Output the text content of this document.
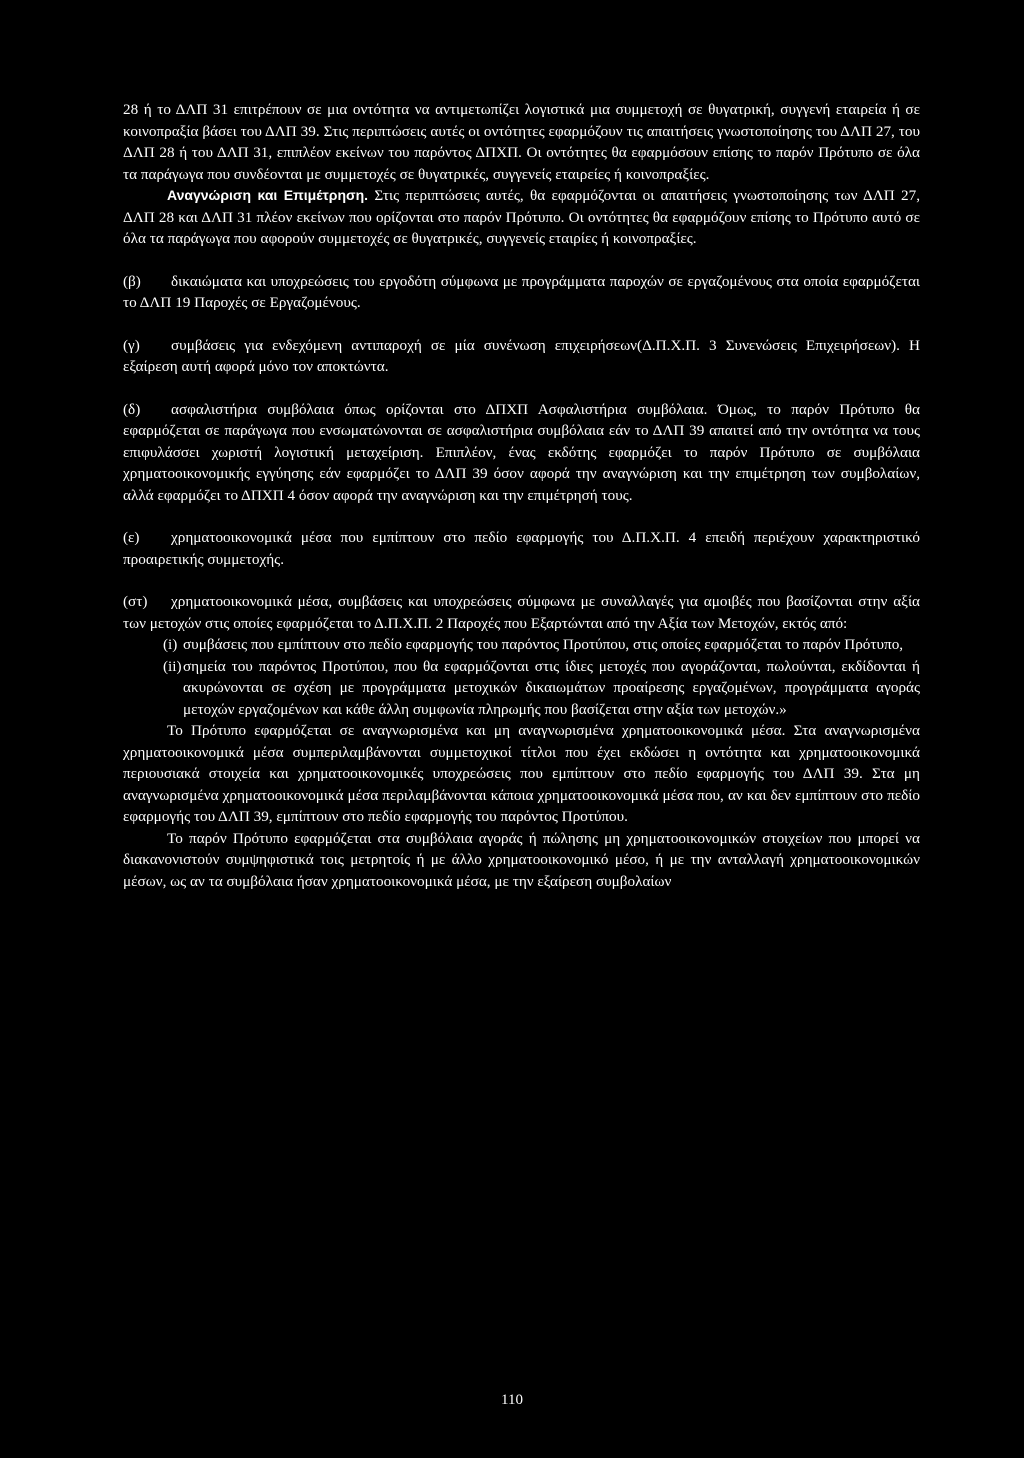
28 ή το ΔΛΠ 31 επιτρέπουν σε μια οντότητα να αντιμετωπίζει λογιστικά μια συμμετοχή σε θυγατρική, συγγενή εταιρεία ή σε κοινοπραξία βάσει του ΔΛΠ 39. Στις περιπτώσεις αυτές οι οντότητες εφαρμόζουν τις απαιτήσεις γνωστοποίησης του ΔΛΠ 27, του ΔΛΠ 28 ή του ΔΛΠ 31, επιπλέον εκείνων του παρόντος ΔΠΧΠ. Οι οντότητες θα εφαρμόσουν επίσης το παρόν Πρότυπο σε όλα τα παράγωγα που συνδέονται με συμμετοχές σε θυγατρικές, συγγενείς εταιρείες ή κοινοπραξίες.

Αναγνώριση και Επιμέτρηση. Στις περιπτώσεις αυτές, θα εφαρμόζονται οι απαιτήσεις γνωστοποίησης των ΔΛΠ 27, ΔΛΠ 28 και ΔΛΠ 31 πλέον εκείνων που ορίζονται στο παρόν Πρότυπο. Οι οντότητες θα εφαρμόζουν επίσης το Πρότυπο αυτό σε όλα τα παράγωγα που αφορούν συμμετοχές σε θυγατρικές, συγγενείς εταιρίες ή κοινοπραξίες.

(β) δικαιώματα και υποχρεώσεις του εργοδότη σύμφωνα με προγράμματα παροχών σε εργαζομένους στα οποία εφαρμόζεται το ΔΛΠ 19 Παροχές σε Εργαζομένους.

(γ) συμβάσεις για ενδεχόμενη αντιπαροχή σε μία συνένωση επιχειρήσεων(Δ.Π.Χ.Π. 3 Συνενώσεις Επιχειρήσεων). Η εξαίρεση αυτή αφορά μόνο τον αποκτώντα.

(δ) ασφαλιστήρια συμβόλαια όπως ορίζονται στο ΔΠΧΠ Ασφαλιστήρια συμβόλαια. Όμως, το παρόν Πρότυπο θα εφαρμόζεται σε παράγωγα που ενσωματώνονται σε ασφαλιστήρια συμβόλαια εάν το ΔΛΠ 39 απαιτεί από την οντότητα να τους επιφυλάσσει χωριστή λογιστική μεταχείριση. Επιπλέον, ένας εκδότης εφαρμόζει το παρόν Πρότυπο σε συμβόλαια χρηματοοικονομικής εγγύησης εάν εφαρμόζει το ΔΛΠ 39 όσον αφορά την αναγνώριση και την επιμέτρηση των συμβολαίων, αλλά εφαρμόζει το ΔΠΧΠ 4 όσον αφορά την αναγνώριση και την επιμέτρησή τους.

(ε) χρηματοοικονομικά μέσα που εμπίπτουν στο πεδίο εφαρμογής του Δ.Π.Χ.Π. 4 επειδή περιέχουν χαρακτηριστικό προαιρετικής συμμετοχής.

(στ) χρηματοοικονομικά μέσα, συμβάσεις και υποχρεώσεις σύμφωνα με συναλλαγές για αμοιβές που βασίζονται στην αξία των μετοχών στις οποίες εφαρμόζεται το Δ.Π.Χ.Π. 2 Παροχές που Εξαρτώνται από την Αξία των Μετοχών, εκτός από:

(i) συμβάσεις που εμπίπτουν στο πεδίο εφαρμογής του παρόντος Προτύπου, στις οποίες εφαρμόζεται το παρόν Πρότυπο,

(ii) σημεία του παρόντος Προτύπου, που θα εφαρμόζονται στις ίδιες μετοχές που αγοράζονται, πωλούνται, εκδίδονται ή ακυρώνονται σε σχέση με προγράμματα μετοχικών δικαιωμάτων προαίρεσης εργαζομένων, προγράμματα αγοράς μετοχών εργαζομένων και κάθε άλλη συμφωνία πληρωμής που βασίζεται στην αξία των μετοχών.»

Το Πρότυπο εφαρμόζεται σε αναγνωρισμένα και μη αναγνωρισμένα χρηματοοικονομικά μέσα. Στα αναγνωρισμένα χρηματοοικονομικά μέσα συμπεριλαμβάνονται συμμετοχικοί τίτλοι που έχει εκδώσει η οντότητα και χρηματοοικονομικά περιουσιακά στοιχεία και χρηματοοικονομικές υποχρεώσεις που εμπίπτουν στο πεδίο εφαρμογής του ΔΛΠ 39. Στα μη αναγνωρισμένα χρηματοοικονομικά μέσα περιλαμβάνονται κάποια χρηματοοικονομικά μέσα που, αν και δεν εμπίπτουν στο πεδίο εφαρμογής του ΔΛΠ 39, εμπίπτουν στο πεδίο εφαρμογής του παρόντος Προτύπου.

Το παρόν Πρότυπο εφαρμόζεται στα συμβόλαια αγοράς ή πώλησης μη χρηματοοικονομικών στοιχείων που μπορεί να διακανονιστούν συμψηφιστικά τοις μετρητοίς ή με άλλο χρηματοοικονομικό μέσο, ή με την ανταλλαγή χρηματοοικονομικών μέσων, ως αν τα συμβόλαια ήσαν χρηματοοικονομικά μέσα, με την εξαίρεση συμβολαίων

110
